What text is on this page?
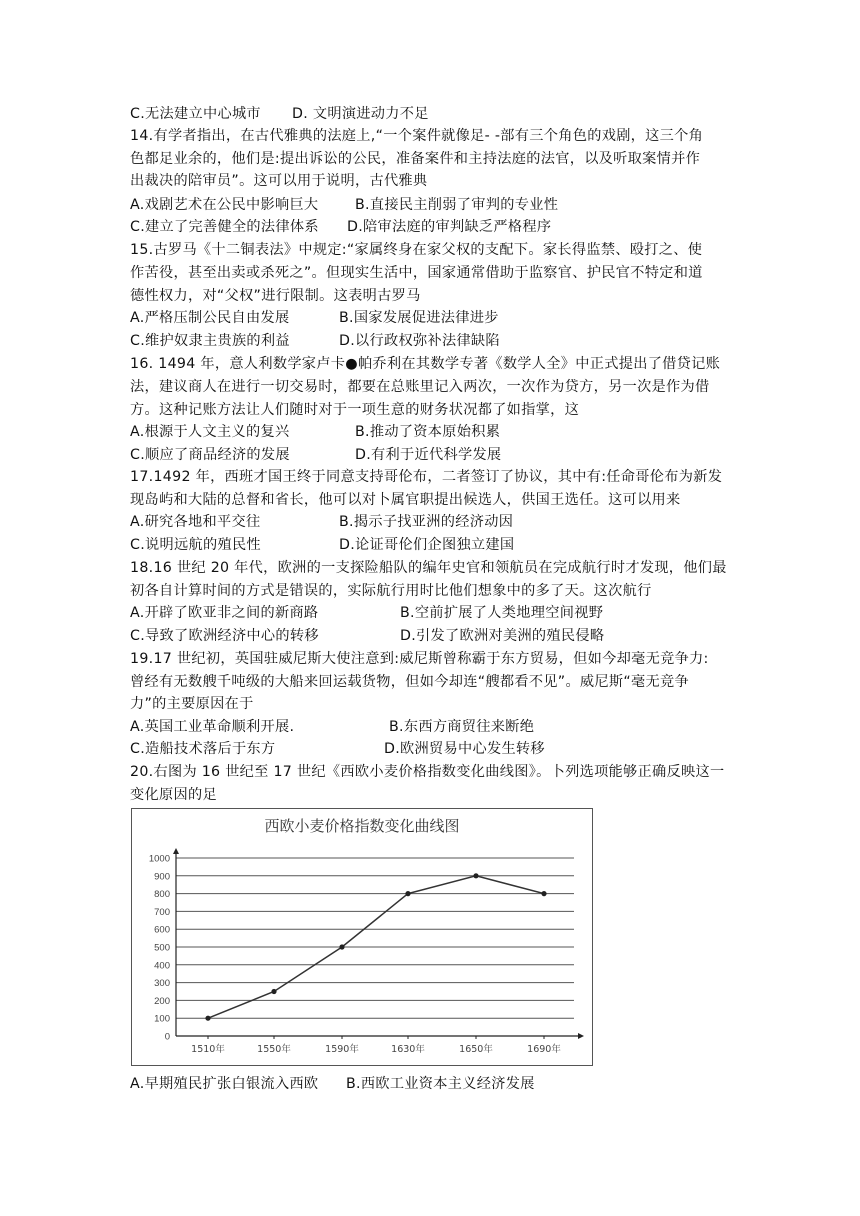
C.无法建立中心城市 D. 文明演进动力不足
14.有学者指出，在古代雅典的法庭上,“一个案件就像足- -部有三个角色的戏剧，这三个角
色都足业余的，他们是:提出诉讼的公民，准备案件和主持法庭的法官，以及听取案情并作
出裁决的陪审员”。这可以用于说明，古代雅典
A.戏剧艺术在公民中影响巨大	B.直接民主削弱了审判的专业性
C.建立了完善健全的法律体系 D.陪审法庭的审判缺乏严格程序
15.古罗马《十二铜表法》中规定:“家属终身在家父权的支配下。家长得监禁、殴打之、使
作苦役，甚至出卖或杀死之”。但现实生活中，国家通常借助于监察官、护民官不特定和道
德性权力，对“父权”进行限制。这表明古罗马
A.严格压制公民自由发展	B.国家发展促进法律进步
C.维护奴隶主贵族的利益	D.以行政权弥补法律缺陷
16. 1494 年，意人利数学家卢卡●帕乔利在其数学专著《数学人全》中正式提出了借贷记账
法，建议商人在进行一切交易时，都要在总账里记入两次，一次作为贷方，另一次是作为借
方。这种记账方法让人们随时对于一项生意的财务状况都了如指掌，这
A.根源于人文主义的复兴	B.推动了资本原始积累
C.顺应了商品经济的发展	D.有利于近代科学发展
17.1492 年，西班才国王终于同意支持哥伦布，二者签订了协议，其中有:任命哥伦布为新发
现岛屿和大陆的总督和省长，他可以对卜属官职提出候选人，供国王选任。这可以用来
A.研究各地和平交往	B.揭示子找亚洲的经济动因
C.说明远航的殖民性	D.论证哥伦们企图独立建国
18.16 世纪 20 年代，欧洲的一支探险船队的编年史官和领航员在完成航行时才发现，他们最
初各自计算时间的方式是错误的，实际航行用时比他们想象中的多了天。这次航行
A.开辟了欧亚非之间的新商路	B.空前扩展了人类地理空间视野
C.导致了欧洲经济中心的转移	D.引发了欧洲对美洲的殖民侵略
19.17 世纪初，英国驻威尼斯大使注意到:威尼斯曾称霸于东方贸易，但如今却毫无竞争力:
曾经有无数艘千吨级的大船来回运载货物，但如今却连“艘都看不见”。威尼斯“毫无竞争
力”的主要原因在于
A.英国工业革命顺利开展.	B.东西方商贸往来断绝
C.造船技术落后于东方	D.欧洲贸易中心发生转移
20.右图为 16 世纪至 17 世纪《西欧小麦价格指数变化曲线图》。卜列选项能够正确反映这一
变化原因的足
西欧小麦价格指数变化曲线图
0
100
200
300
400
500
600
700
800
900
1000
1510年	1550年	1590年	1630年	1650年	1690年
A.早期殖民扩张白银流入西欧 B.西欧工业资本主义经济发展
